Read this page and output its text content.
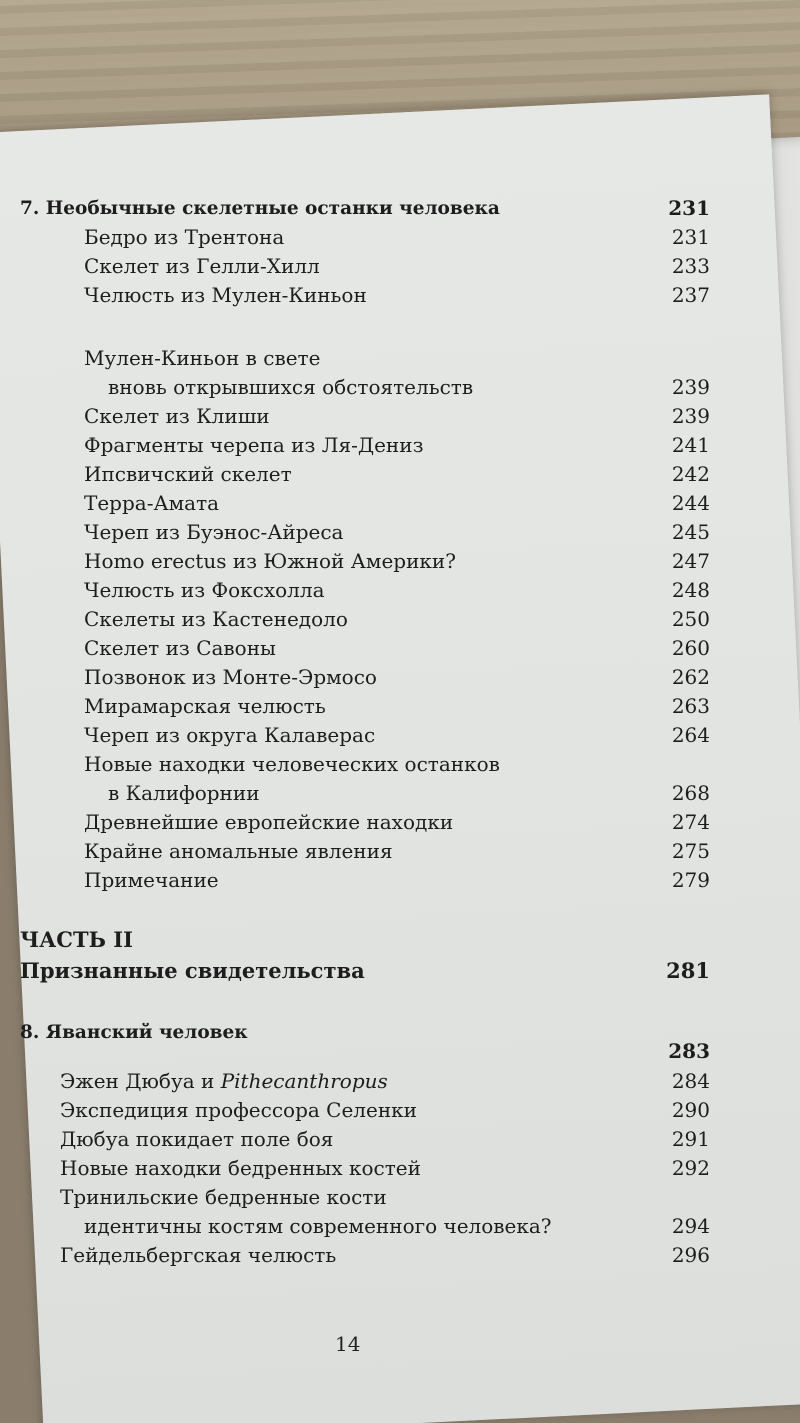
7. Необычные скелетные останки человека	231
Бедро из Трентона	231
Скелет из Гелли-Хилл	233
Челюсть из Мулен-Киньон	237
Мулен-Киньон в свете
вновь открывшихся обстоятельств	239
Скелет из Клиши	239
Фрагменты черепа из Ля-Дениз	241
Ипсвичский скелет	242
Терра-Амата	244
Череп из Буэнос-Айреса	245
Homo erectus из Южной Америки?	247
Челюсть из Фоксхолла	248
Скелеты из Кастенедоло	250
Скелет из Савоны	260
Позвонок из Монте-Эрмосо	262
Мирамарская челюсть	263
Череп из округа Калаверас	264
Новые находки человеческих останков
в Калифорнии	268
Древнейшие европейские находки	274
Крайне аномальные явления	275
Примечание	279
ЧАСТЬ II
Признанные свидетельства	281
8. Яванский человек
283
Эжен Дюбуа и Pithecanthropus	284
Экспедиция профессора Селенки	290
Дюбуа покидает поле боя	291
Новые находки бедренных костей	292
Тринильские бедренные кости
идентичны костям современного человека?	294
Гейдельбергская челюсть	296
14
